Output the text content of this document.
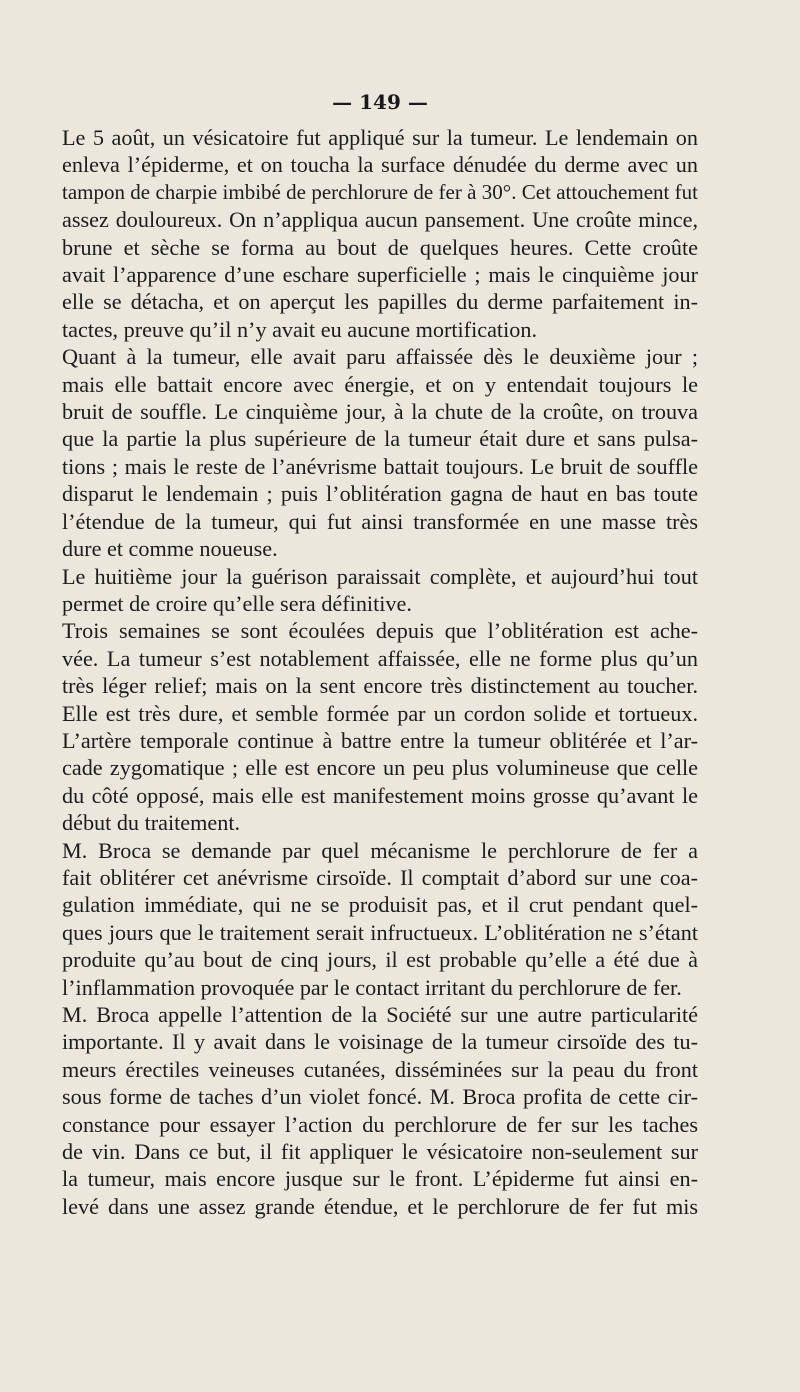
— 149 —
Le 5 août, un vésicatoire fut appliqué sur la tumeur. Le lendemain on
enleva l’épiderme, et on toucha la surface dénudée du derme avec un
tampon de charpie imbibé de perchlorure de fer à 30°. Cet attouchement fut
assez douloureux. On n’appliqua aucun pansement. Une croûte mince,
brune et sèche se forma au bout de quelques heures. Cette croûte
avait l’apparence d’une eschare superficielle ; mais le cinquième jour
elle se détacha, et on aperçut les papilles du derme parfaitement in-
tactes, preuve qu’il n’y avait eu aucune mortification.
Quant à la tumeur, elle avait paru affaissée dès le deuxième jour ;
mais elle battait encore avec énergie, et on y entendait toujours le
bruit de souffle. Le cinquième jour, à la chute de la croûte, on trouva
que la partie la plus supérieure de la tumeur était dure et sans pulsa-
tions ; mais le reste de l’anévrisme battait toujours. Le bruit de souffle
disparut le lendemain ; puis l’oblitération gagna de haut en bas toute
l’étendue de la tumeur, qui fut ainsi transformée en une masse très
dure et comme noueuse.
Le huitième jour la guérison paraissait complète, et aujourd’hui tout
permet de croire qu’elle sera définitive.
Trois semaines se sont écoulées depuis que l’oblitération est ache-
vée. La tumeur s’est notablement affaissée, elle ne forme plus qu’un
très léger relief; mais on la sent encore très distinctement au toucher.
Elle est très dure, et semble formée par un cordon solide et tortueux.
L’artère temporale continue à battre entre la tumeur oblitérée et l’ar-
cade zygomatique ; elle est encore un peu plus volumineuse que celle
du côté opposé, mais elle est manifestement moins grosse qu’avant le
début du traitement.
M. Broca se demande par quel mécanisme le perchlorure de fer a
fait oblitérer cet anévrisme cirsoïde. Il comptait d’abord sur une coa-
gulation immédiate, qui ne se produisit pas, et il crut pendant quel-
ques jours que le traitement serait infructueux. L’oblitération ne s’étant
produite qu’au bout de cinq jours, il est probable qu’elle a été due à
l’inflammation provoquée par le contact irritant du perchlorure de fer.
M. Broca appelle l’attention de la Société sur une autre particularité
importante. Il y avait dans le voisinage de la tumeur cirsoïde des tu-
meurs érectiles veineuses cutanées, disséminées sur la peau du front
sous forme de taches d’un violet foncé. M. Broca profita de cette cir-
constance pour essayer l’action du perchlorure de fer sur les taches
de vin. Dans ce but, il fit appliquer le vésicatoire non-seulement sur
la tumeur, mais encore jusque sur le front. L’épiderme fut ainsi en-
levé dans une assez grande étendue, et le perchlorure de fer fut mis
